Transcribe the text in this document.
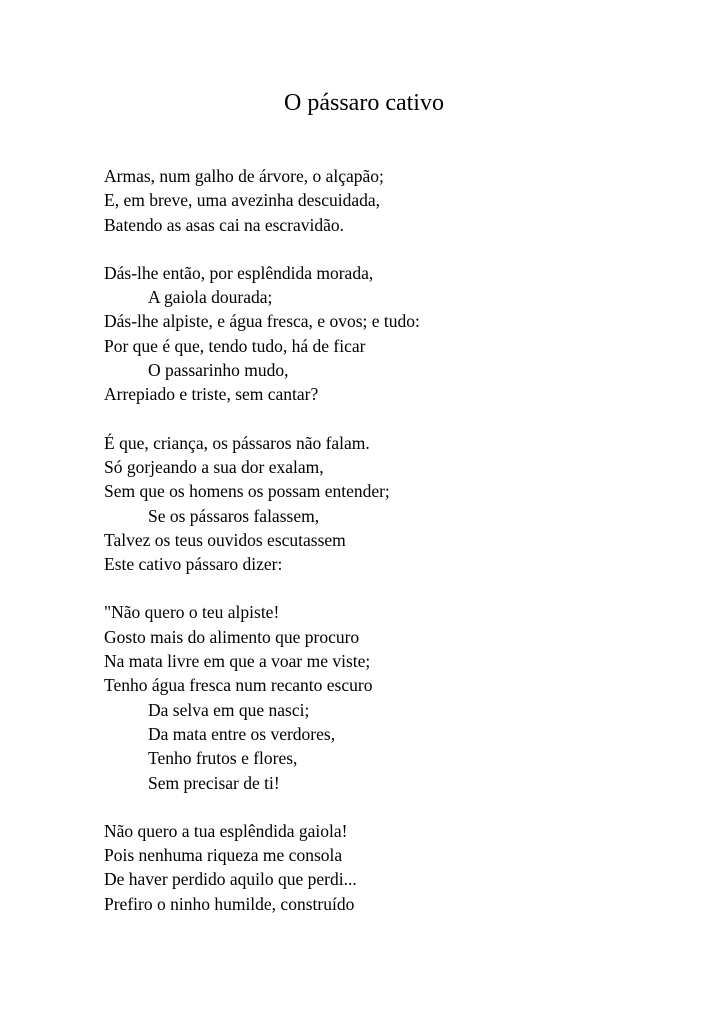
O pássaro cativo
Armas, num galho de árvore, o alçapão;
E, em breve, uma avezinha descuidada,
Batendo as asas cai na escravidão.
Dás-lhe então, por esplêndida morada,
A gaiola dourada;
Dás-lhe alpiste, e água fresca, e ovos; e tudo:
Por que é que, tendo tudo, há de ficar
O passarinho mudo,
Arrepiado e triste, sem cantar?
É que, criança, os pássaros não falam.
Só gorjeando a sua dor exalam,
Sem que os homens os possam entender;
Se os pássaros falassem,
Talvez os teus ouvidos escutassem
Este cativo pássaro dizer:
"Não quero o teu alpiste!
Gosto mais do alimento que procuro
Na mata livre em que a voar me viste;
Tenho água fresca num recanto escuro
Da selva em que nasci;
Da mata entre os verdores,
Tenho frutos e flores,
Sem precisar de ti!
Não quero a tua esplêndida gaiola!
Pois nenhuma riqueza me consola
De haver perdido aquilo que perdi...
Prefiro o ninho humilde, construído
